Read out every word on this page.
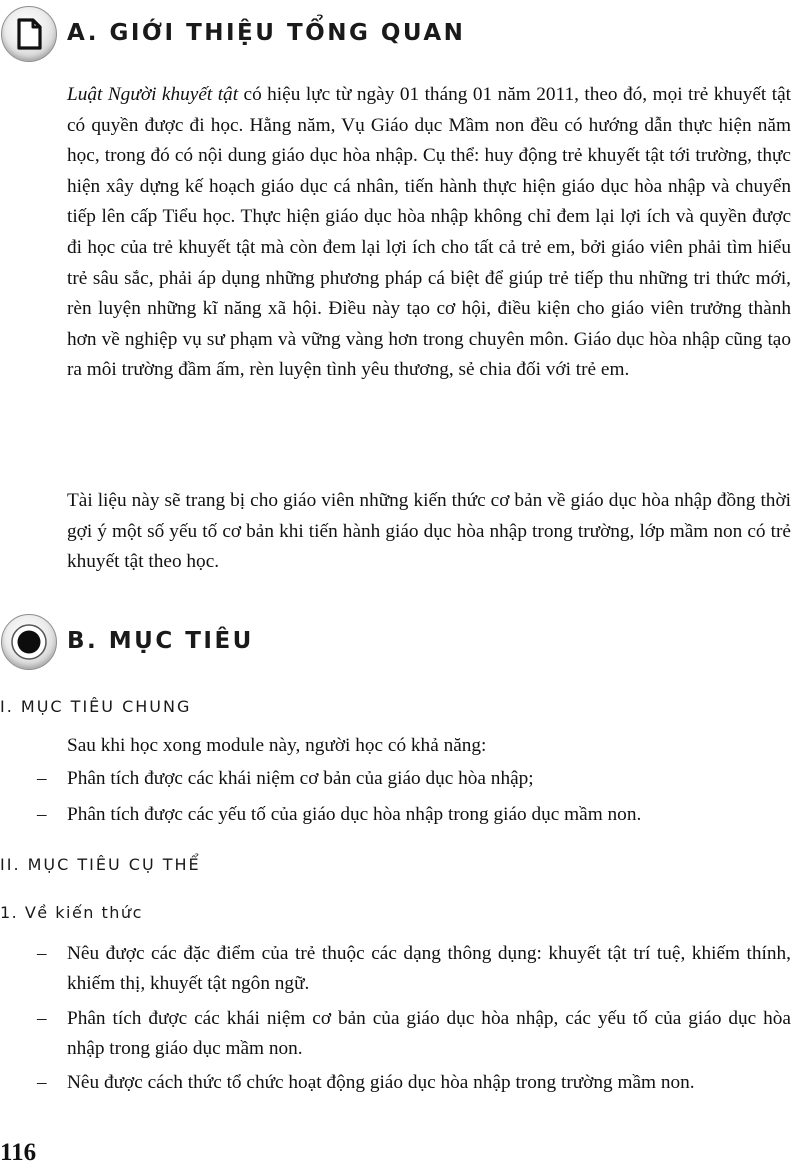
A. GIỚI THIỆU TỔNG QUAN

Luật Người khuyết tật có hiệu lực từ ngày 01 tháng 01 năm 2011, theo đó, mọi trẻ khuyết tật có quyền được đi học. Hằng năm, Vụ Giáo dục Mầm non đều có hướng dẫn thực hiện năm học, trong đó có nội dung giáo dục hòa nhập. Cụ thể: huy động trẻ khuyết tật tới trường, thực hiện xây dựng kế hoạch giáo dục cá nhân, tiến hành thực hiện giáo dục hòa nhập và chuyển tiếp lên cấp Tiểu học. Thực hiện giáo dục hòa nhập không chỉ đem lại lợi ích và quyền được đi học của trẻ khuyết tật mà còn đem lại lợi ích cho tất cả trẻ em, bởi giáo viên phải tìm hiểu trẻ sâu sắc, phải áp dụng những phương pháp cá biệt để giúp trẻ tiếp thu những tri thức mới, rèn luyện những kĩ năng xã hội. Điều này tạo cơ hội, điều kiện cho giáo viên trưởng thành hơn về nghiệp vụ sư phạm và vững vàng hơn trong chuyên môn. Giáo dục hòa nhập cũng tạo ra môi trường đầm ấm, rèn luyện tình yêu thương, sẻ chia đối với trẻ em.

Tài liệu này sẽ trang bị cho giáo viên những kiến thức cơ bản về giáo dục hòa nhập đồng thời gợi ý một số yếu tố cơ bản khi tiến hành giáo dục hòa nhập trong trường, lớp mầm non có trẻ khuyết tật theo học.

B. MỤC TIÊU
I. MỤC TIÊU CHUNG

Sau khi học xong module này, người học có khả năng:

– Phân tích được các khái niệm cơ bản của giáo dục hòa nhập;

– Phân tích được các yếu tố của giáo dục hòa nhập trong giáo dục mầm non.

II. MỤC TIÊU CỤ THỂ
1. Về kiến thức
– Nêu được các đặc điểm của trẻ thuộc các dạng thông dụng: khuyết tật trí tuệ, khiếm thính, khiếm thị, khuyết tật ngôn ngữ.

– Phân tích được các khái niệm cơ bản của giáo dục hòa nhập, các yếu tố của giáo dục hòa nhập trong giáo dục mầm non.

– Nêu được cách thức tổ chức hoạt động giáo dục hòa nhập trong trường mầm non.

116
